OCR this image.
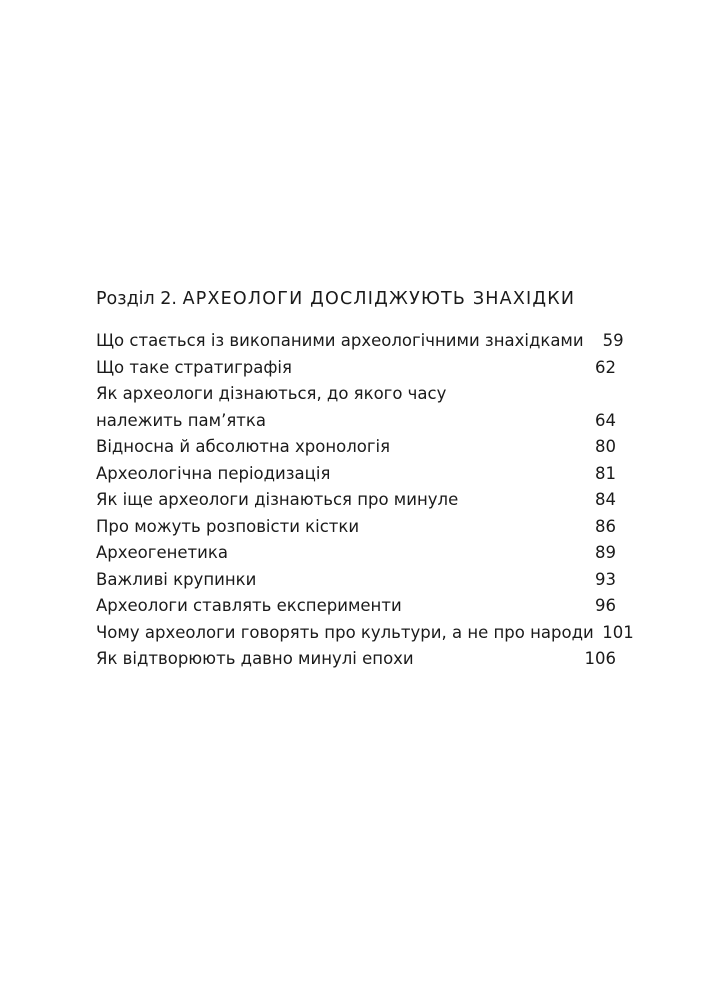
Розділ 2. АРХЕОЛОГИ ДОСЛІДЖУЮТЬ ЗНАХІДКИ
Що стається із викопаними археологічними знахідками	59
Що таке стратиграфія	62
Як археологи дізнаються, до якого часу
належить пам’ятка	64
Відносна й абсолютна хронологія	80
Археологічна періодизація	81
Як іще археологи дізнаються про минуле	84
Про можуть розповісти кістки	86
Археогенетика	89
Важливі крупинки	93
Археологи ставлять експерименти	96
Чому археологи говорять про культури, а не про народи 101
Як відтворюють давно минулі епохи	106
